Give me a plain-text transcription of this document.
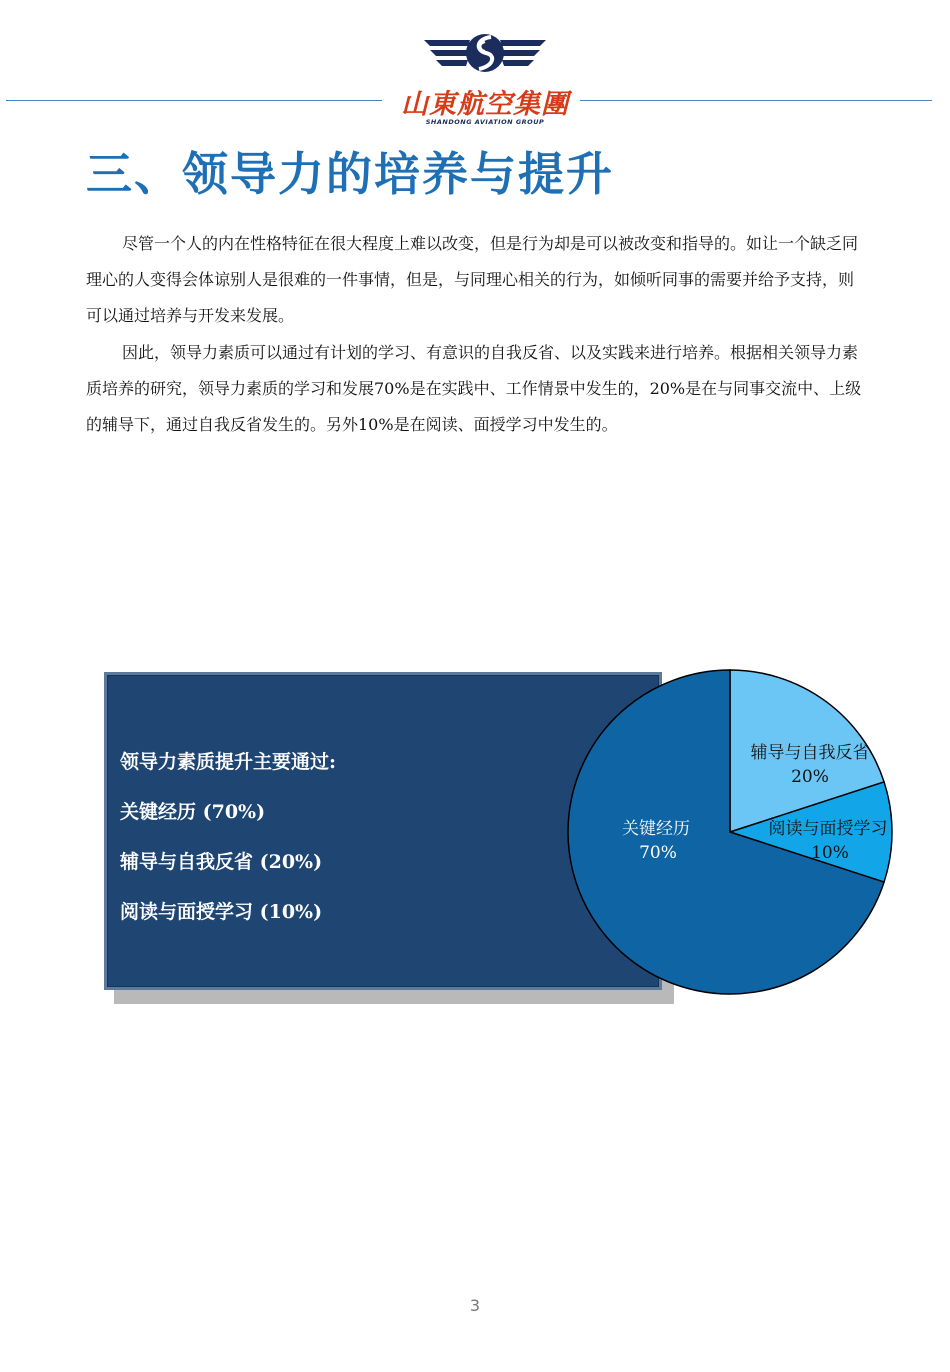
山東航空集團
SHANDONG AVIATION GROUP
三、领导力的培养与提升

尽管一个人的内在性格特征在很大程度上难以改变，但是行为却是可以被改变和指导的。如让一个缺乏同理心的人变得会体谅别人是很难的一件事情，但是，与同理心相关的行为，如倾听同事的需要并给予支持，则可以通过培养与开发来发展。

因此，领导力素质可以通过有计划的学习、有意识的自我反省、以及实践来进行培养。根据相关领导力素质培养的研究，领导力素质的学习和发展70%是在实践中、工作情景中发生的，20%是在与同事交流中、上级的辅导下，通过自我反省发生的。另外10%是在阅读、面授学习中发生的。

领导力素质提升主要通过:
关键经历 (70%)
辅导与自我反省 (20%)
阅读与面授学习 (10%)
辅导与自我反省
20%
阅读与面授学习
10%
关键经历
70%
3
